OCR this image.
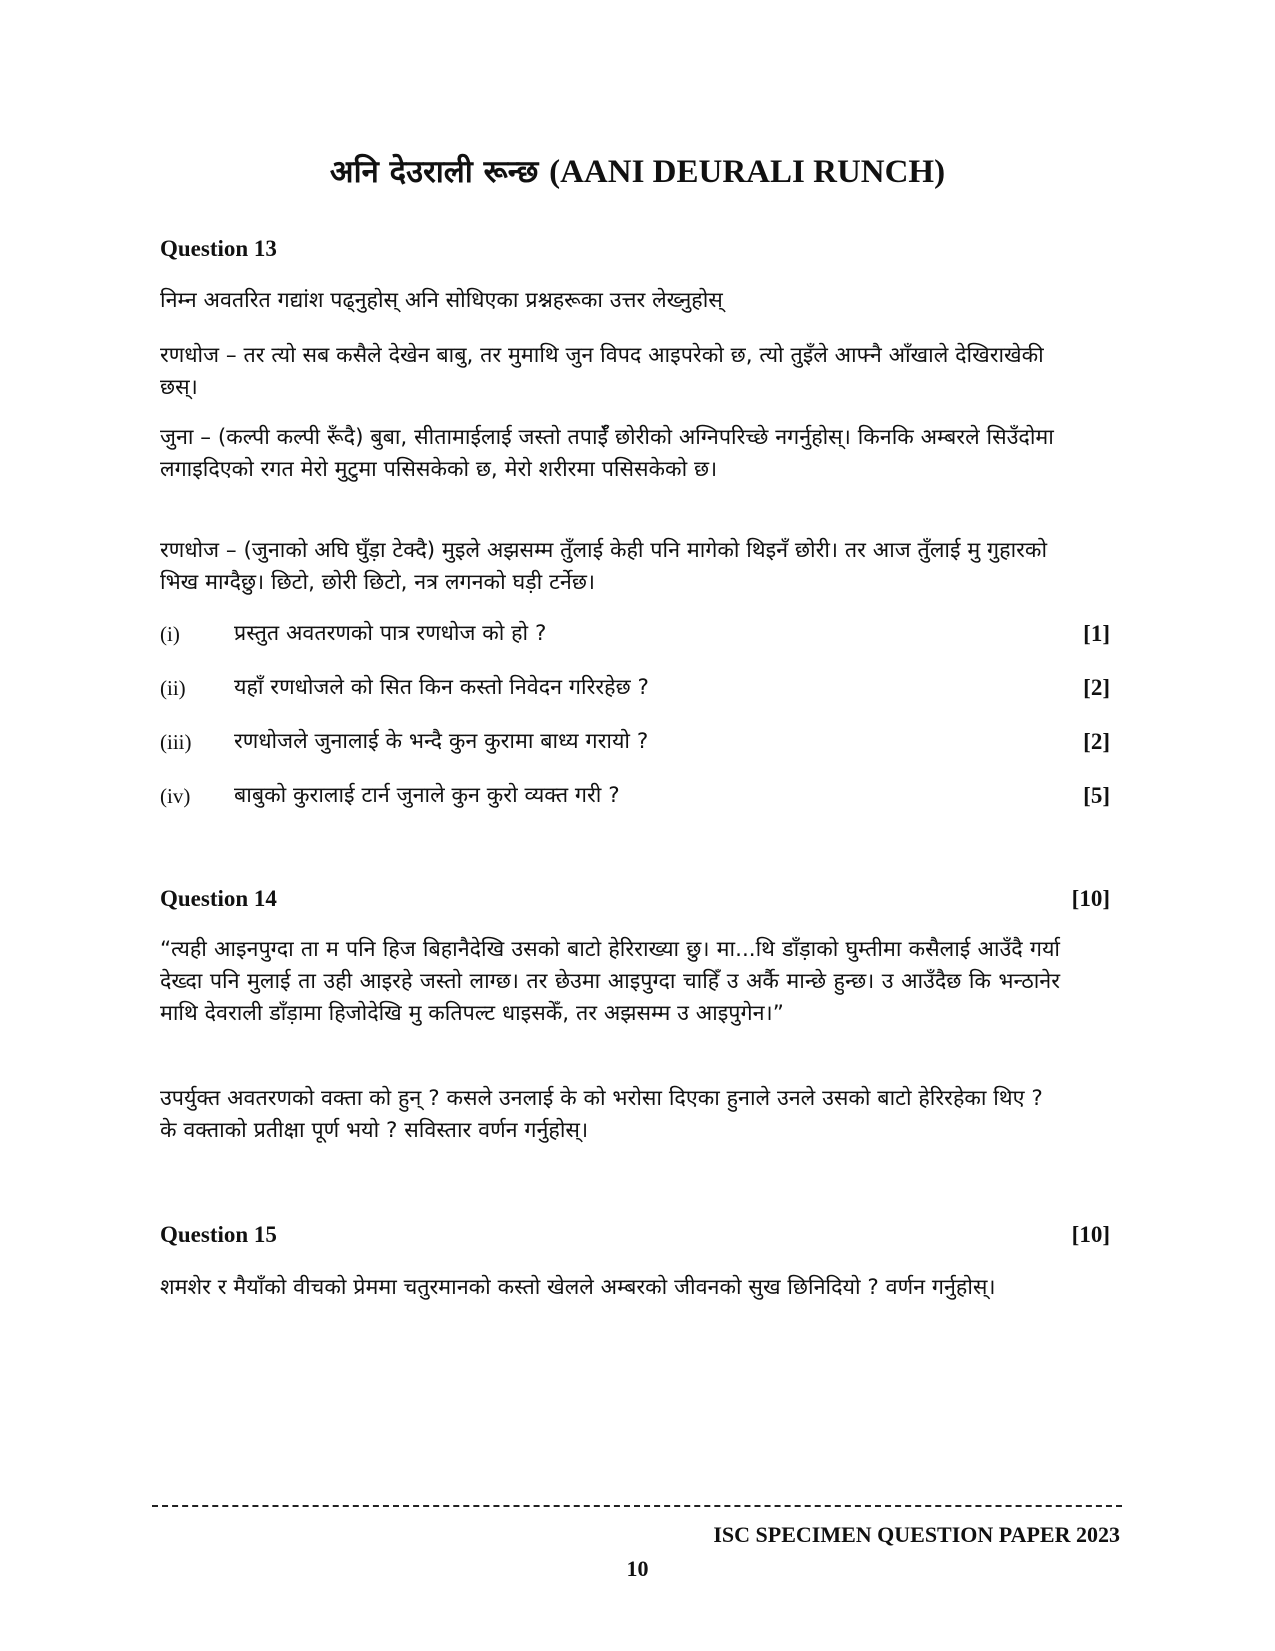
अनि देउराली रून्छ (AANI DEURALI RUNCH)
Question 13
निम्न अवतरित गद्यांश पढ्नुहोस् अनि सोधिएका प्रश्नहरूका उत्तर लेख्नुहोस्
रणधोज – तर त्यो सब कसैले देखेन बाबु, तर मुमाथि जुन विपद आइपरेको छ, त्यो तुइँले आफ्नै आँखाले देखिराखेकी छस्।
जुना – (कल्पी कल्पी रूँदै) बुबा, सीतामाईलाई जस्तो तपाईँ छोरीको अग्निपरिच्छे नगर्नुहोस्। किनकि अम्बरले सिउँदोमा लगाइदिएको रगत मेरो मुटुमा पसिसकेको छ, मेरो शरीरमा पसिसकेको छ।
रणधोज – (जुनाको अघि घुँड़ा टेक्दै) मुइले अझसम्म तुँलाई केही पनि मागेको थिइनँ छोरी। तर आज तुँलाई मु गुहारको भिख माग्दैछु। छिटो, छोरी छिटो, नत्र लगनको घड़ी टर्नेछ।
(i)	प्रस्तुत अवतरणको पात्र रणधोज को हो ?	[1]
(ii) यहाँ रणधोजले को सित किन कस्तो निवेदन गरिरहेछ ?	[2]
(iii) रणधोजले जुनालाई के भन्दै कुन कुरामा बाध्य गरायो ?	[2]
(iv) बाबुको कुरालाई टार्न जुनाले कुन कुरो व्यक्त गरी ?	[5]
Question 14	[10]
“त्यही आइनपुग्दा ता म पनि हिज बिहानैदेखि उसको बाटो हेरिराख्या छु। मा...थि डाँड़ाको घुम्तीमा कसैलाई आउँदै गर्या देख्दा पनि मुलाई ता उही आइरहे जस्तो लाग्छ। तर छेउमा आइपुग्दा चाहिँ उ अर्कै मान्छे हुन्छ। उ आउँदैछ कि भन्ठानेर माथि देवराली डाँड़ामा हिजोदेखि मु कतिपल्ट धाइसकेँ, तर अझसम्म उ आइपुगेन।”
उपर्युक्त अवतरणको वक्ता को हुन् ? कसले उनलाई के को भरोसा दिएका हुनाले उनले उसको बाटो हेरिरहेका थिए ? के वक्ताको प्रतीक्षा पूर्ण भयो ? सविस्तार वर्णन गर्नुहोस्।
Question 15	[10]
शमशेर र मैयाँको वीचको प्रेममा चतुरमानको कस्तो खेलले अम्बरको जीवनको सुख छिनिदियो ? वर्णन गर्नुहोस्।
ISC SPECIMEN QUESTION PAPER 2023
10
